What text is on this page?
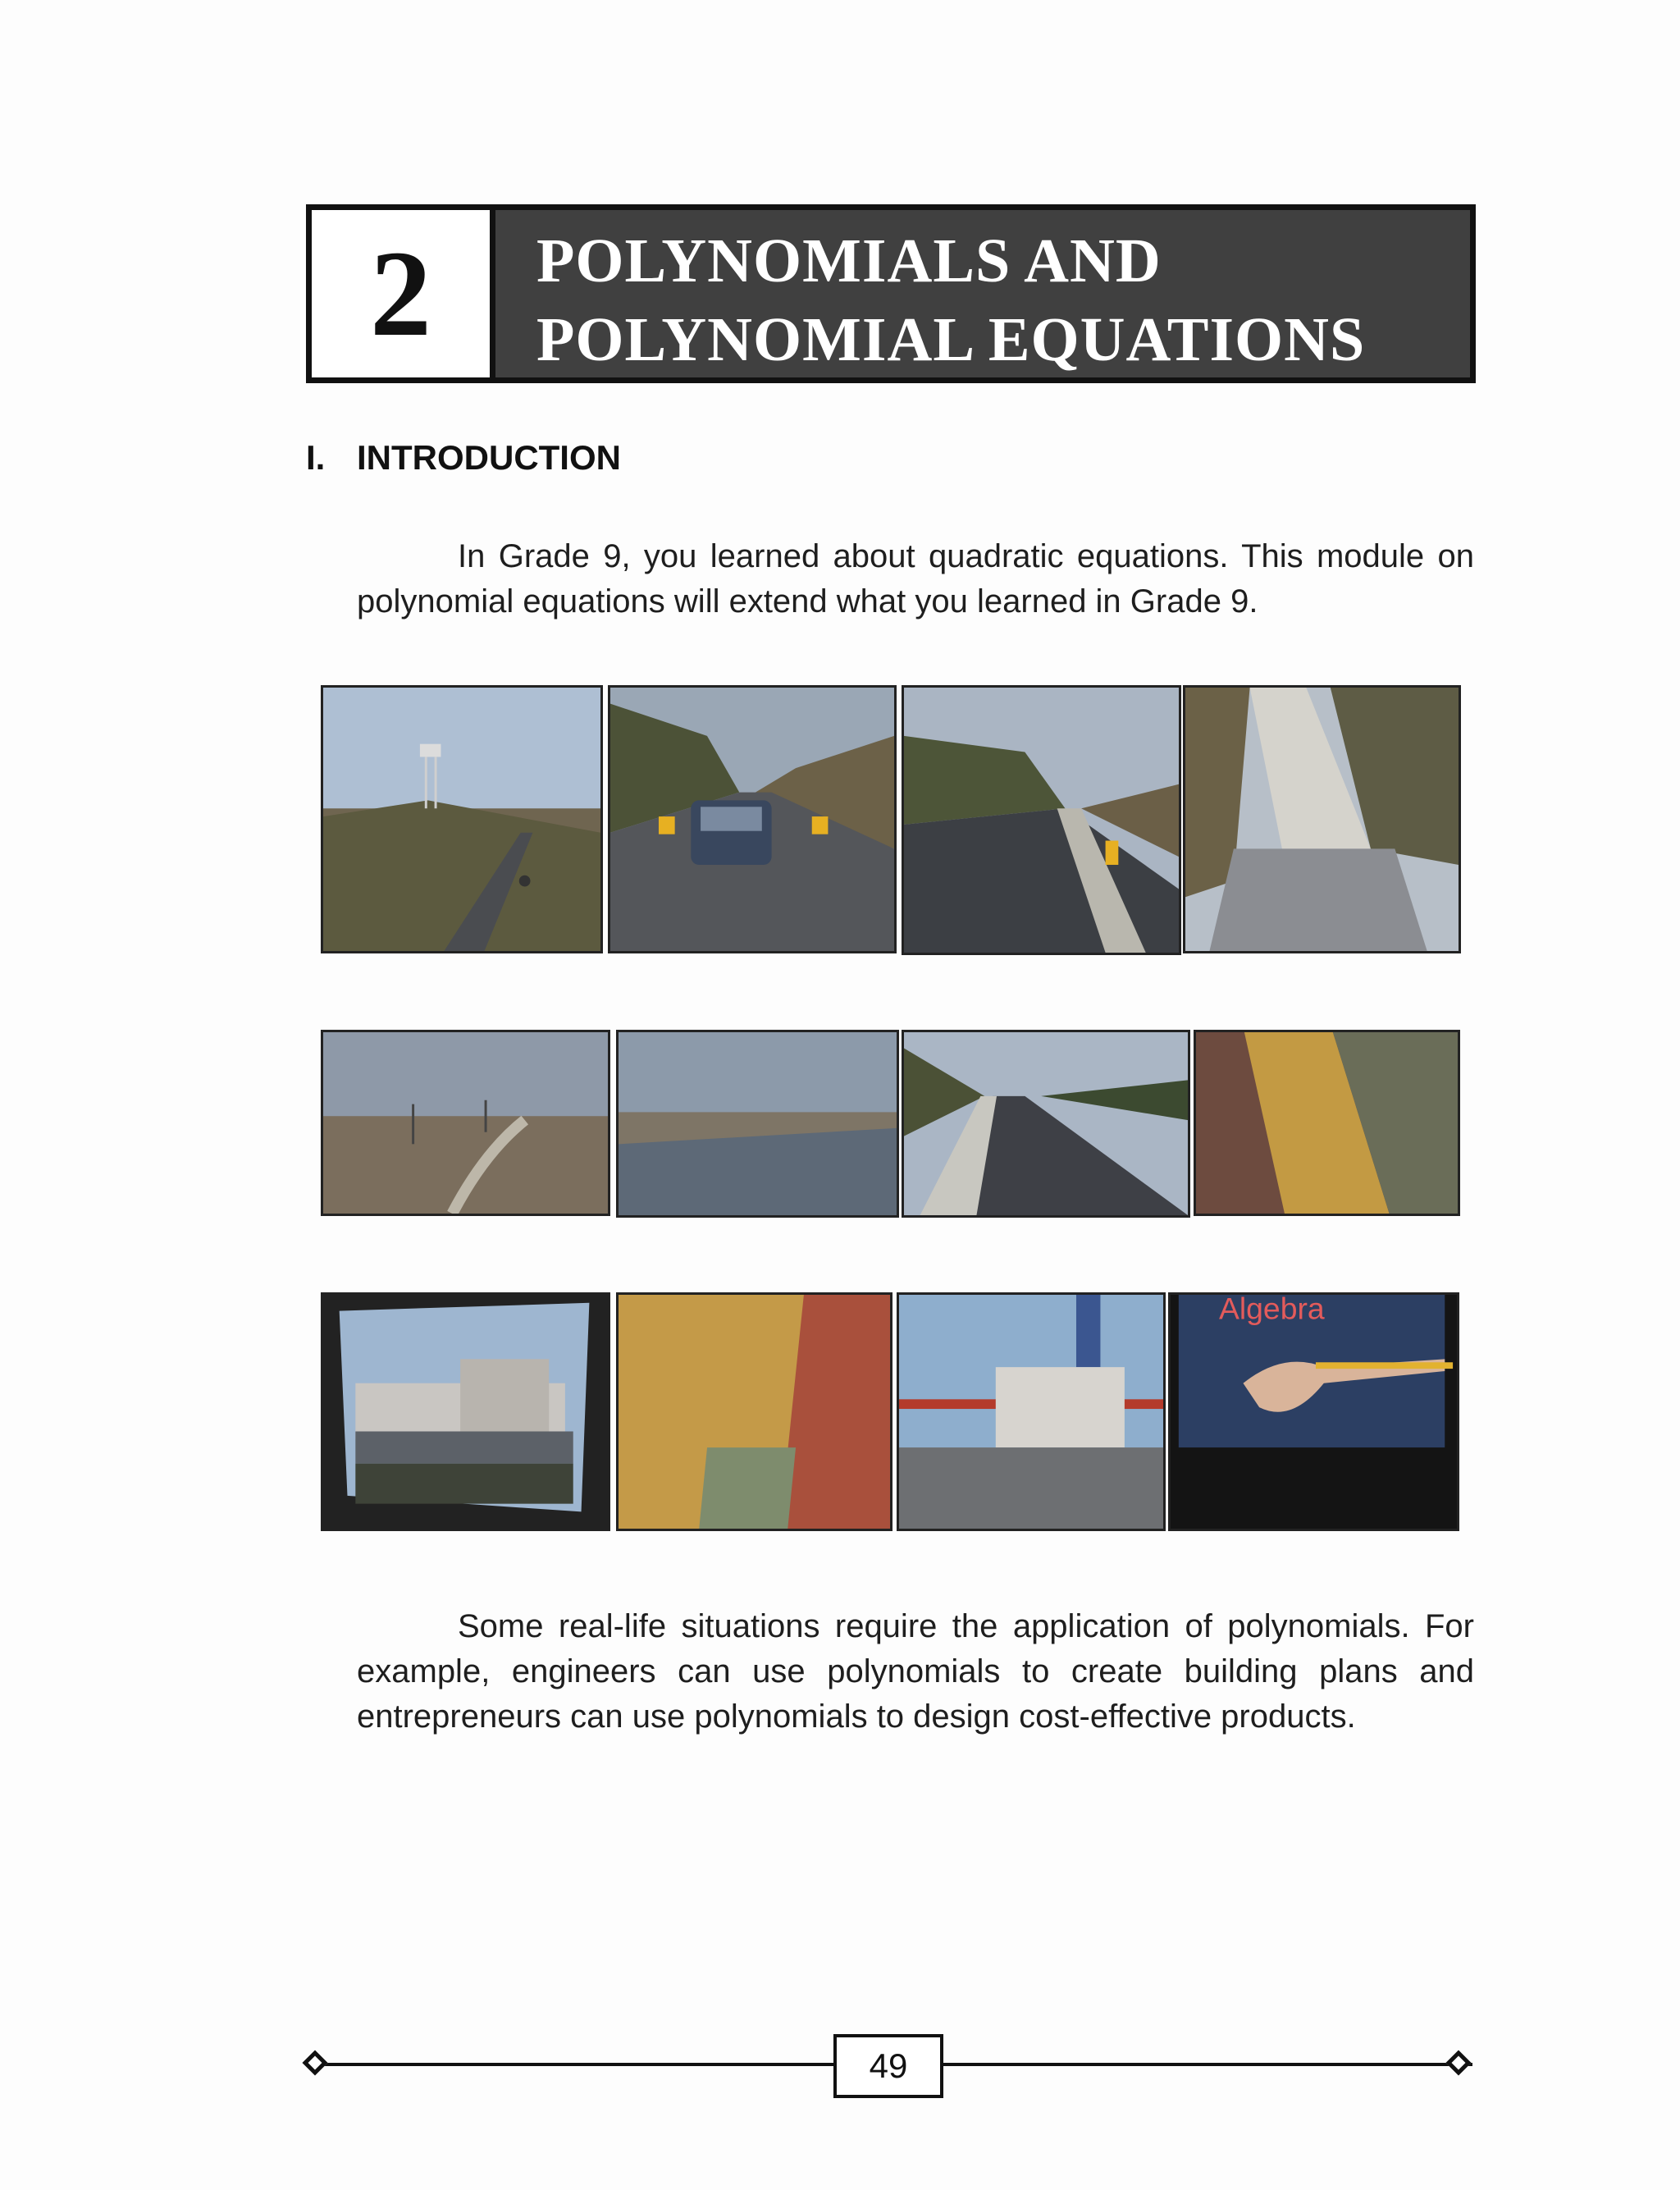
2	POLYNOMIALS AND
POLYNOMIAL EQUATIONS
I. INTRODUCTION

In Grade 9, you learned about quadratic equations. This module on polynomial equations will extend what you learned in Grade 9.

Algebra

Some real-life situations require the application of polynomials. For example, engineers can use polynomials to create building plans and entrepreneurs can use polynomials to design cost-effective products.

49
